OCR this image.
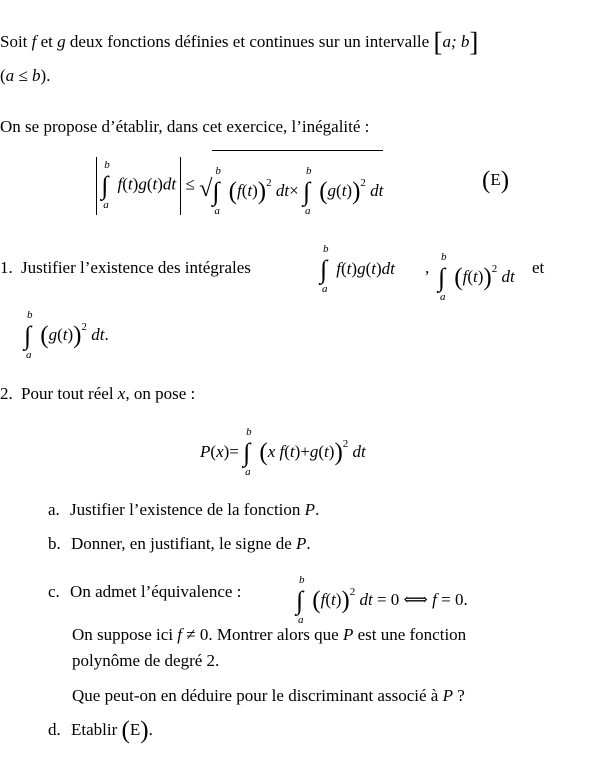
Soit f et g deux fonctions définies et continues sur un intervalle [a; b]
(a ≤ b).
On se propose d’établir, dans cet exercice, l’inégalité :

b
∫
a
f(t)g(t)dt  ≤ √
b
∫
a
$(f(t))^2$ dt×
b
∫
a
$(g(t))^2$ dt	(E)
1. Justifier l’existence des intégrales
b
∫
a
f(t)g(t)dt ,
b
∫
a
$(f(t))^2$ dt et
b
∫
a
$(g(t))^2$ dt.
2. Pour tout réel x, on pose :
P(x)=
b
∫
a
(x f(t)+g(t))$^2$ dt
a. Justifier l’existence de la fonction P.
b. Donner, en justifiant, le signe de P.
c. On admet l’équivalence :
b
∫
a
$(f(t))^2$ dt = 0 ⟺ f = 0.
On suppose ici f ≠ 0. Montrer alors que P est une fonction
polynôme de degré 2.
Que peut-on en déduire pour le discriminant associé à P ?
d. Etablir (E).
